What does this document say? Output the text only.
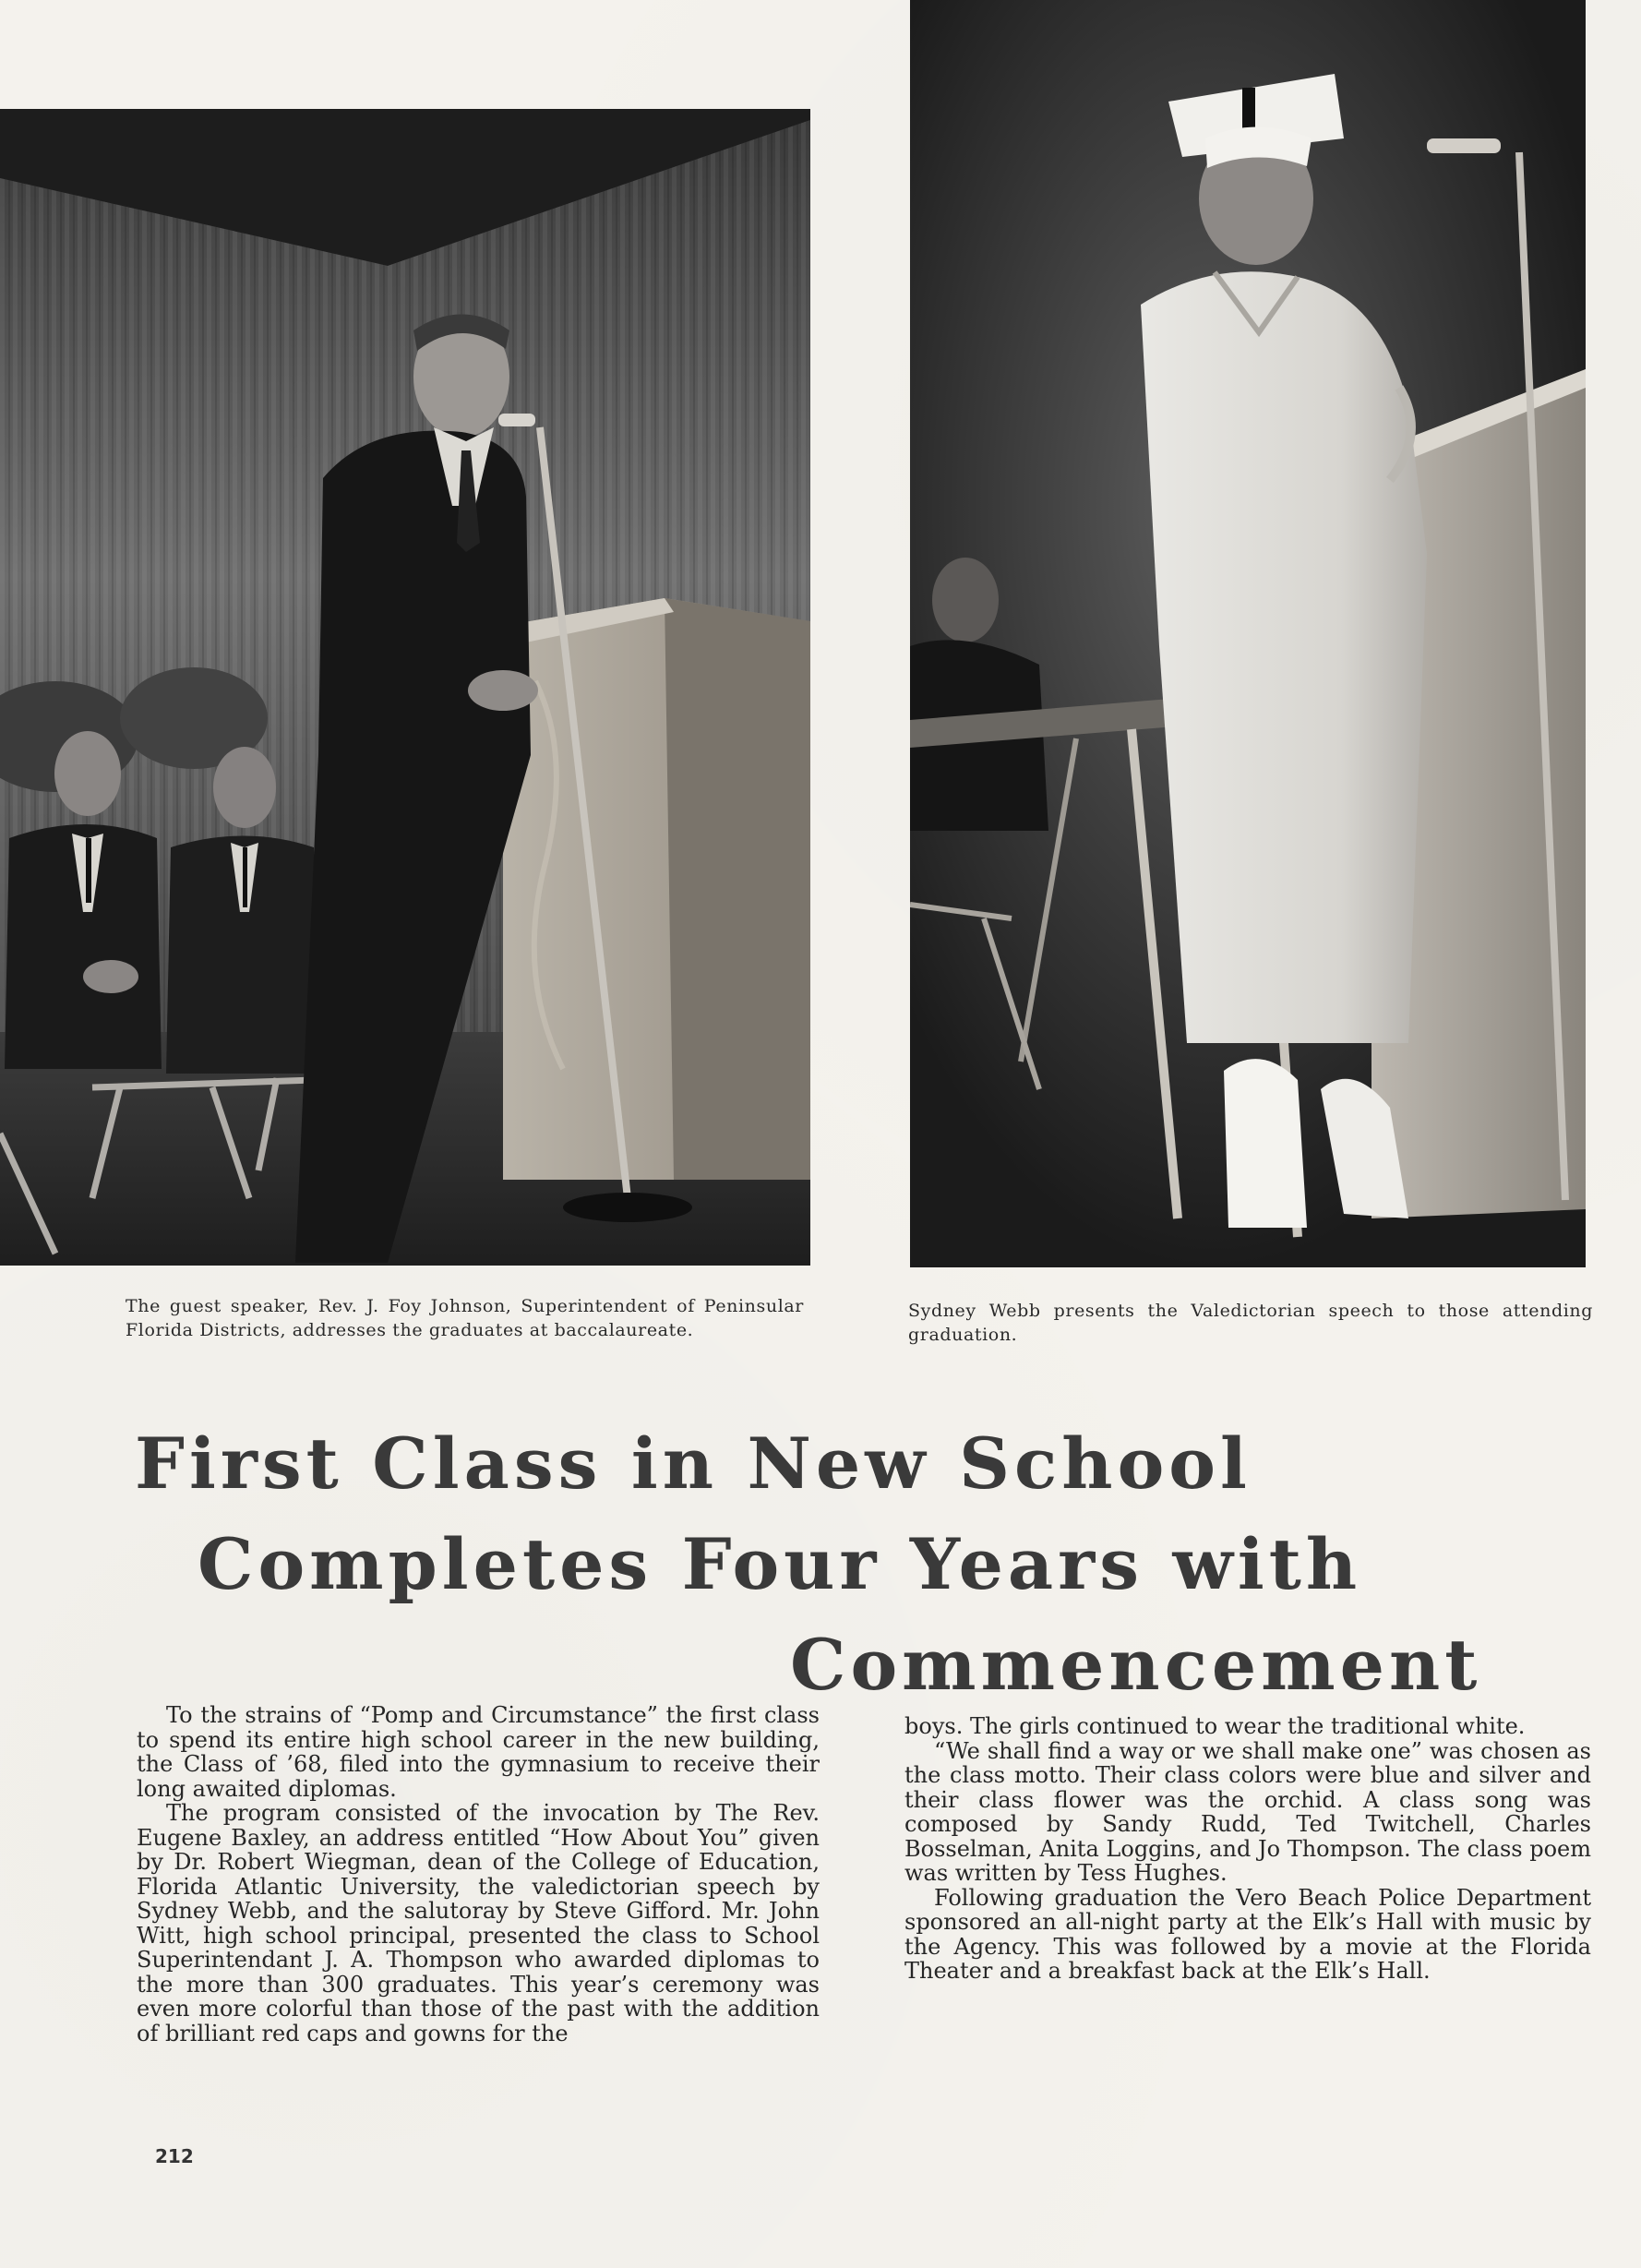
The guest speaker, Rev. J. Foy Johnson, Superintendent of Peninsular Florida Districts, addresses the graduates at baccalaureate.

Sydney Webb presents the Valedictorian speech to those attending graduation.

First Class in New School
Completes Four Years with
Commencement

To the strains of “Pomp and Circumstance” the first class to spend its entire high school career in the new building, the Class of ’68, filed into the gymnasium to receive their long awaited diplomas.

The program consisted of the invocation by The Rev. Eugene Baxley, an address entitled “How About You” given by Dr. Robert Wiegman, dean of the College of Education, Florida Atlantic University, the valedictorian speech by Sydney Webb, and the salutoray by Steve Gifford. Mr. John Witt, high school principal, presented the class to School Superintendant J. A. Thompson who awarded diplomas to the more than 300 graduates. This year’s ceremony was even more colorful than those of the past with the addition of brilliant red caps and gowns for the

boys. The girls continued to wear the traditional white.

“We shall find a way or we shall make one” was chosen as the class motto. Their class colors were blue and silver and their class flower was the orchid. A class song was composed by Sandy Rudd, Ted Twitchell, Charles Bosselman, Anita Loggins, and Jo Thompson. The class poem was written by Tess Hughes.

Following graduation the Vero Beach Police Department sponsored an all-night party at the Elk’s Hall with music by the Agency. This was followed by a movie at the Florida Theater and a breakfast back at the Elk’s Hall.

212
